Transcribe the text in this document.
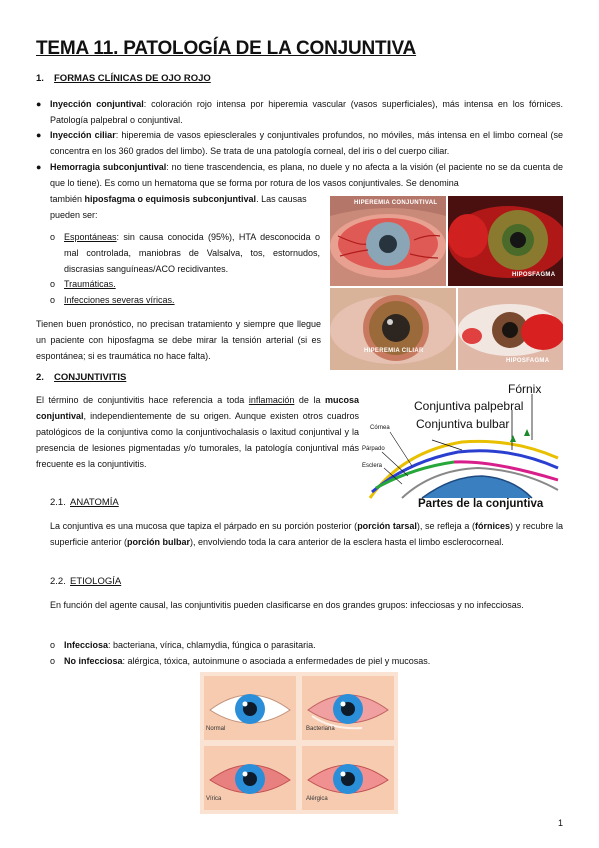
TEMA 11. PATOLOGÍA DE LA CONJUNTIVA
1. FORMAS CLÍNICAS DE OJO ROJO
● Inyección conjuntival: coloración rojo intensa por hiperemia vascular (vasos superficiales), más intensa en los fórnices. Patología palpebral o conjuntival.
● Inyección ciliar: hiperemia de vasos epiesclerales y conjuntivales profundos, no móviles, más intensa en el limbo corneal (se concentra en los 360 grados del limbo). Se trata de una patología corneal, del iris o del cuerpo ciliar.
● Hemorragia subconjuntival: no tiene trascendencia, es plana, no duele y no afecta a la visión (el paciente no se da cuenta de que lo tiene). Es como un hematoma que se forma por rotura de los vasos conjuntivales. Se denomina
también hiposfagma o equimosis subconjuntival. Las causas pueden ser:
o Espontáneas: sin causa conocida (95%), HTA desconocida o mal controlada, maniobras de Valsalva, tos, estornudos, discrasias sanguíneas/ACO recidivantes.
o Traumáticas.
o Infecciones severas víricas.
Tienen buen pronóstico, no precisan tratamiento y siempre que llegue un paciente con hiposfagma se debe mirar la tensión arterial (si es espontánea; si es traumática no hace falta).
HIPEREMIA CONJUNTIVAL
HIPOSFAGMA
HIPEREMIA CILIAR
HIPOSFAGMA
2. CONJUNTIVITIS
El término de conjuntivitis hace referencia a toda inflamación de la mucosa conjuntival, independientemente de su origen. Aunque existen otros cuadros patológicos de la conjuntiva como la conjuntivochalasis o laxitud conjuntival y la presencia de lesiones pigmentadas y/o tumorales, la patología conjuntival más frecuente es la conjuntivitis.
Fórnix
Conjuntiva palpebral
Conjuntiva bulbar
Córnea
Párpado
Esclera
Partes de la conjuntiva
2.1. ANATOMÍA
La conjuntiva es una mucosa que tapiza el párpado en su porción posterior (porción tarsal), se refleja a (fórnices) y recubre la superficie anterior (porción bulbar), envolviendo toda la cara anterior de la esclera hasta el limbo esclerocorneal.
2.2. ETIOLOGÍA
En función del agente causal, las conjuntivitis pueden clasificarse en dos grandes grupos: infecciosas y no infecciosas.
o Infecciosa: bacteriana, vírica, chlamydia, fúngica o parasitaria.
o No infecciosa: alérgica, tóxica, autoinmune o asociada a enfermedades de piel y mucosas.
Normal	Bacteriana
Vírica	Alérgica
1
